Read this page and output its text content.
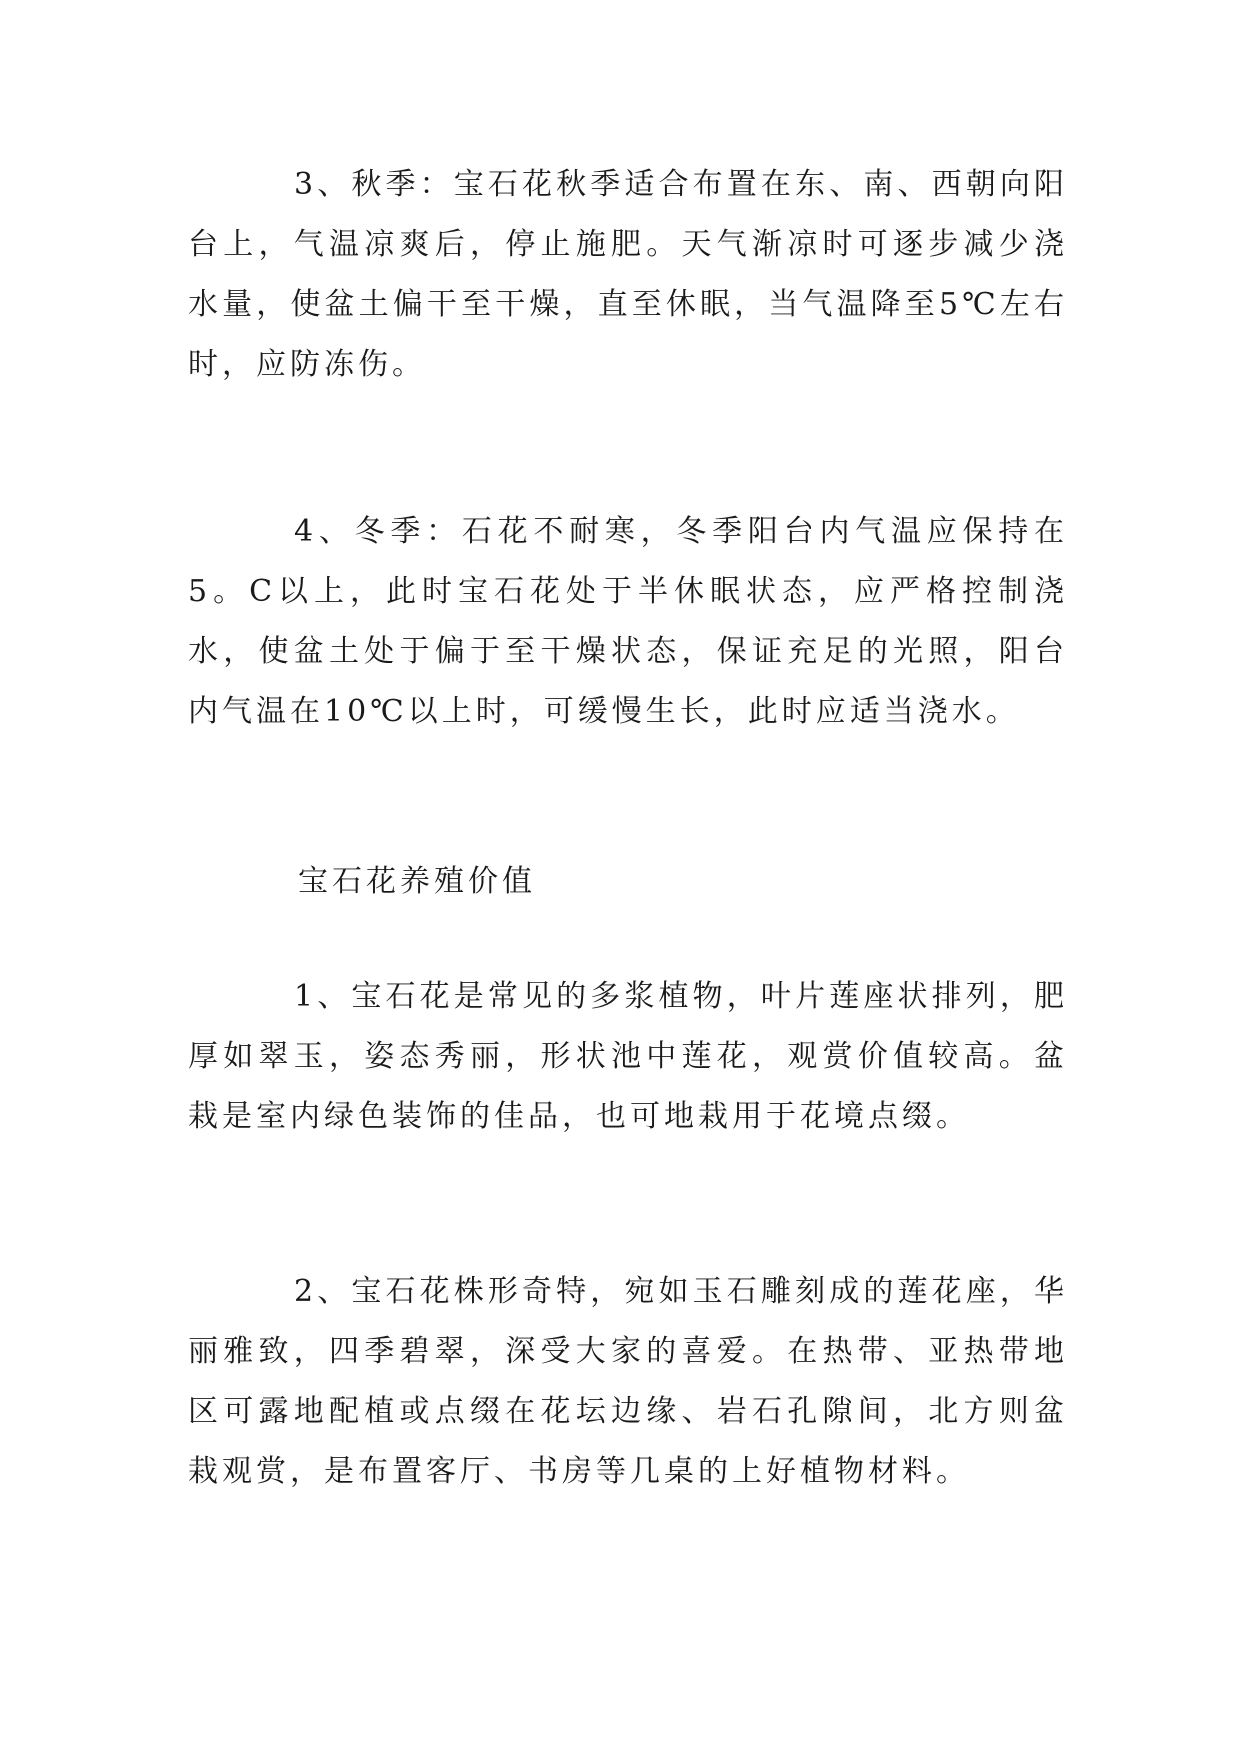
3、秋季：宝石花秋季适合布置在东、南、西朝向阳台上，气温凉爽后，停止施肥。天气渐凉时可逐步减少浇水量，使盆土偏干至干燥，直至休眠，当气温降至5℃左右时，应防冻伤。

4、冬季：石花不耐寒，冬季阳台内气温应保持在5。C以上，此时宝石花处于半休眠状态，应严格控制浇水，使盆土处于偏于至干燥状态，保证充足的光照，阳台内气温在10℃以上时，可缓慢生长，此时应适当浇水。

宝石花养殖价值

1、宝石花是常见的多浆植物，叶片莲座状排列，肥厚如翠玉，姿态秀丽，形状池中莲花，观赏价值较高。盆栽是室内绿色装饰的佳品，也可地栽用于花境点缀。

2、宝石花株形奇特，宛如玉石雕刻成的莲花座，华丽雅致，四季碧翠，深受大家的喜爱。在热带、亚热带地区可露地配植或点缀在花坛边缘、岩石孔隙间，北方则盆栽观赏，是布置客厅、书房等几桌的上好植物材料。
